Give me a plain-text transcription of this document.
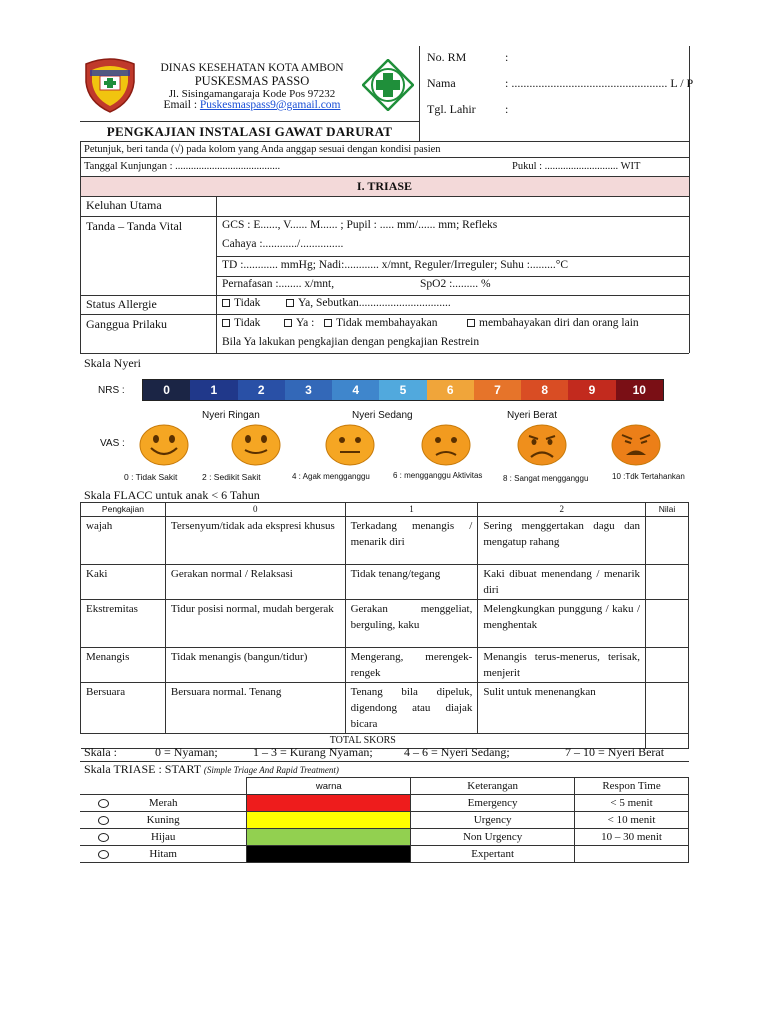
DINAS KESEHATAN KOTA AMBON
PUSKESMAS PASSO
Jl. Sisingamangaraja Kode Pos 97232
Email : Puskesmaspass9@gamail.com
No. RM	:
Nama	: .................................................... L / P
Tgl. Lahir :
PENGKAJIAN INSTALASI GAWAT DARURAT
Petunjuk, beri tanda (√) pada kolom yang Anda anggap sesuai dengan kondisi pasien
Tanggal Kunjungan : ........................................	Pukul : ............................ WIT
I. TRIASE
Keluhan Utama
Tanda – Tanda Vital	GCS : E......, V...... M...... ; Pupil : ..... mm/...... mm; Refleks
Cahaya :............/...............
TD :............ mmHg; Nadi:............ x/mnt, Reguler/Irreguler; Suhu :.........°C
Pernafasan :........ x/mnt,	SpO2 :......... %
Status Allergie	Tidak	Ya, Sebutkan................................
Ganggua Prilaku	Tidak	Ya :	Tidak membahayakan	membahayakan diri dan orang lain
Bila Ya lakukan pengkajian dengan pengkajian Restrein
Skala Nyeri
NRS :	0	1	2	3	4	5	6	7	8	9	10
Nyeri Ringan	Nyeri Sedang	Nyeri Berat
VAS :
0 : Tidak Sakit	2 : Sedikit Sakit	4 : Agak mengganggu	6 : mengganggu Aktivitas	8 : Sangat mengganggu	10 :Tdk Tertahankan
Skala FLACC untuk anak < 6 Tahun
Pengkajian	0	1	2	Nilai
wajah	Tersenyum/tidak ada ekspresi khusus	Terkadang menangis / menarik diri	Sering menggertakan dagu dan mengatup rahang	
Kaki	Gerakan normal / Relaksasi	Tidak tenang/tegang	Kaki dibuat menendang / menarik diri	
Ekstremitas	Tidur posisi normal, mudah bergerak	Gerakan menggeliat, berguling, kaku	Melengkungkan punggung / kaku / menghentak	
Menangis	Tidak menangis (bangun/tidur)	Mengerang, merengek-rengek	Menangis terus-menerus, terisak, menjerit	
Bersuara	Bersuara normal. Tenang	Tenang bila dipeluk, digendong atau diajak bicara	Sulit untuk menenangkan	
TOTAL SKORS				
Skala :	0 = Nyaman;	1 – 3 = Kurang Nyaman;	4 – 6 = Nyeri Sedang;	7 – 10 = Nyeri Berat
Skala TRIASE : START (Simple Triage And Rapid Treatment)
	warna	Keterangan	Respon Time

Merah		Emergency	< 5 menit

Kuning		Urgency	< 10 menit

Hijau		Non Urgency	10 – 30 menit

Hitam		Expertant	
